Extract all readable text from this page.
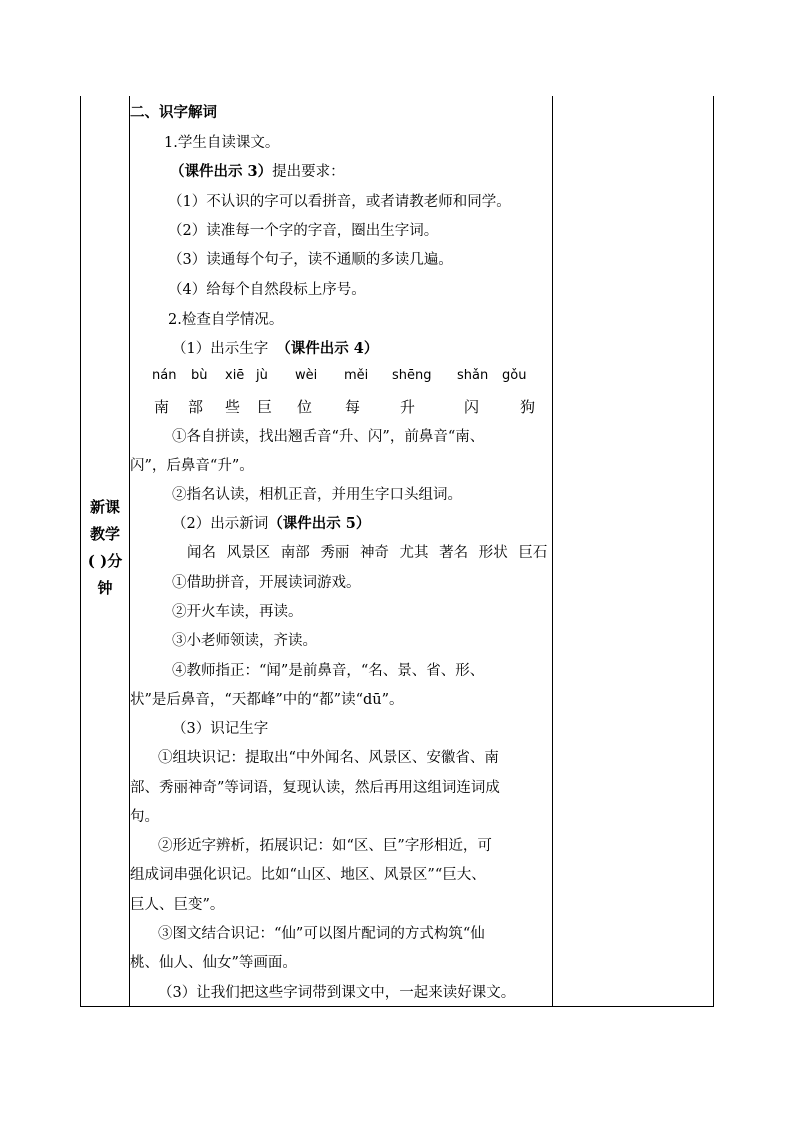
新课
教学
( )分
钟
二、识字解词
1.学生自读课文。
（课件出示 3）提出要求：
（1）不认识的字可以看拼音，或者请教老师和同学。
（2）读准每一个字的字音，圈出生字词。
（3）读通每个句子，读不通顺的多读几遍。
（4）给每个自然段标上序号。
2.检查自学情况。
（1）出示生字 （课件出示 4）
nán bù xiē jù wèi měi shēng shǎn gǒu
南 部 些 巨 位 每	升	闪	狗
①各自拼读，找出翘舌音“升、闪”，前鼻音“南、
闪”，后鼻音“升”。
②指名认读，相机正音，并用生字口头组词。
（2）出示新词（课件出示 5）
闻名 风景区 南部 秀丽 神奇 尤其 著名 形状 巨石
①借助拼音，开展读词游戏。
②开火车读，再读。
③小老师领读，齐读。
④教师指正：“闻”是前鼻音，“名、景、省、形、
状”是后鼻音，“天都峰”中的“都”读“dū”。
（3）识记生字
①组块识记：提取出“中外闻名、风景区、安徽省、南
部、秀丽神奇”等词语，复现认读，然后再用这组词连词成
句。
②形近字辨析，拓展识记：如“区、巨”字形相近，可
组成词串强化识记。比如“山区、地区、风景区”“巨大、
巨人、巨变”。
③图文结合识记：“仙”可以图片配词的方式构筑“仙
桃、仙人、仙女”等画面。
（3）让我们把这些字词带到课文中，一起来读好课文。
